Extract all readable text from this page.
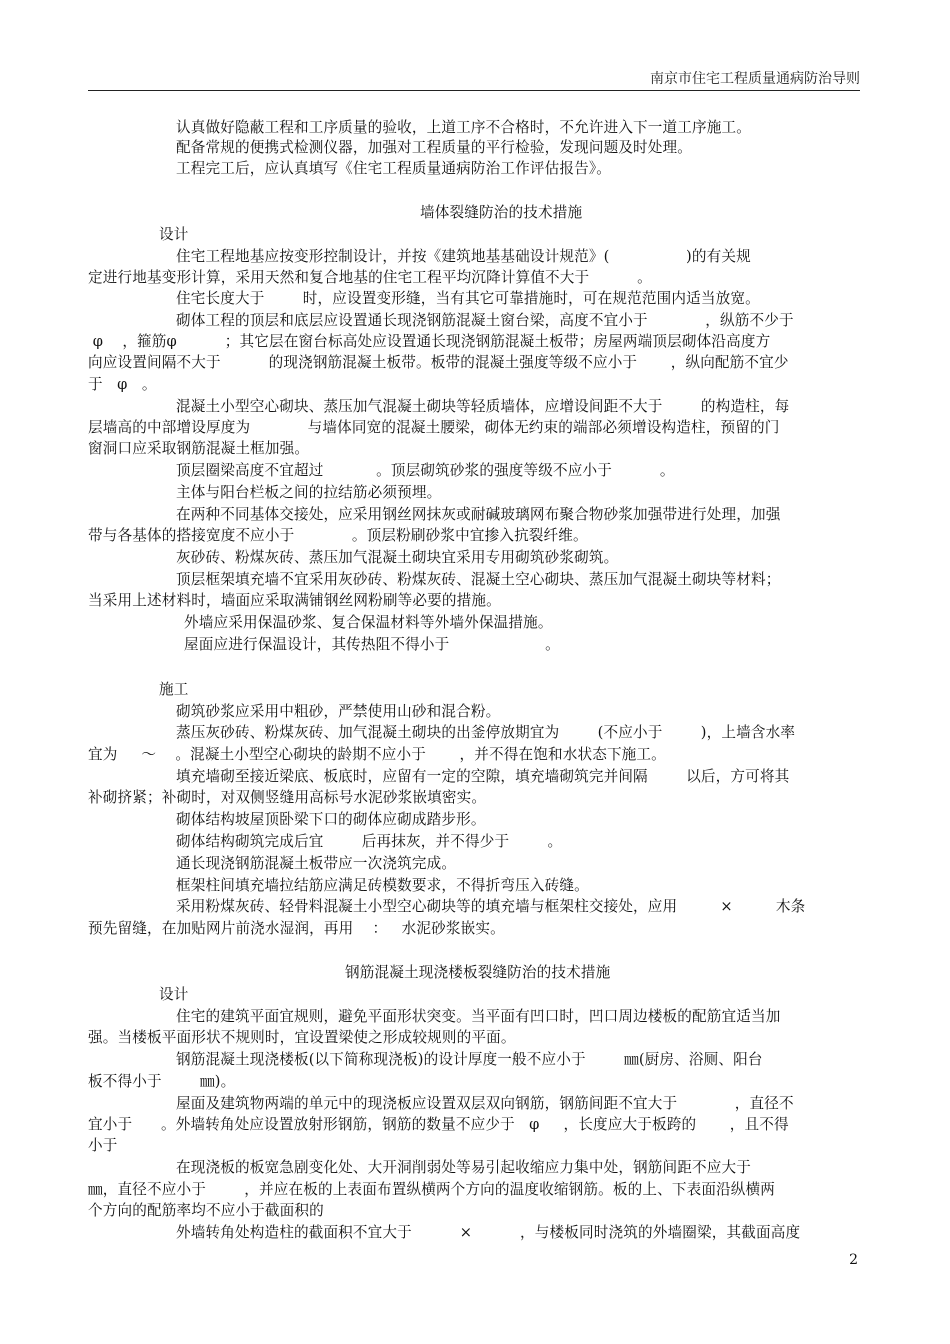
南京市住宅工程质量通病防治导则
认真做好隐蔽工程和工序质量的验收，上道工序不合格时，不允许进入下一道工序施工。
配备常规的便携式检测仪器，加强对工程质量的平行检验，发现问题及时处理。
工程完工后，应认真填写《住宅工程质量通病防治工作评估报告》。
墙体裂缝防治的技术措施
设计
住宅工程地基应按变形控制设计，并按《建筑地基基础设计规范》(                )的有关规
定进行地基变形计算，采用天然和复合地基的住宅工程平均沉降计算值不大于          。
住宅长度大于        时，应设置变形缝，当有其它可靠措施时，可在规范范围内适当放宽。
砌体工程的顶层和底层应设置通长现浇钢筋混凝土窗台梁，高度不宜小于            ，纵筋不少于
φ    ，箍筋φ          ；其它层在窗台标高处应设置通长现浇钢筋混凝土板带；房屋两端顶层砌体沿高度方
向应设置间隔不大于          的现浇钢筋混凝土板带。板带的混凝土强度等级不应小于       ，纵向配筋不宜少
于   φ   。
混凝土小型空心砌块、蒸压加气混凝土砌块等轻质墙体，应增设间距不大于        的构造柱，每
层墙高的中部增设厚度为            与墙体同宽的混凝土腰梁，砌体无约束的端部必须增设构造柱，预留的门
窗洞口应采取钢筋混凝土框加强。
顶层圈梁高度不宜超过           。顶层砌筑砂浆的强度等级不应小于          。
主体与阳台栏板之间的拉结筋必须预埋。
在两种不同基体交接处，应采用钢丝网抹灰或耐碱玻璃网布聚合物砂浆加强带进行处理，加强
带与各基体的搭接宽度不应小于            。顶层粉刷砂浆中宜掺入抗裂纤维。
灰砂砖、粉煤灰砖、蒸压加气混凝土砌块宜采用专用砌筑砂浆砌筑。
顶层框架填充墙不宜采用灰砂砖、粉煤灰砖、混凝土空心砌块、蒸压加气混凝土砌块等材料；
当采用上述材料时，墙面应采取满铺钢丝网粉刷等必要的措施。
外墙应采用保温砂浆、复合保温材料等外墙外保温措施。
屋面应进行保温设计，其传热阻不得小于                    。
施工
砌筑砂浆应采用中粗砂，严禁使用山砂和混合粉。
蒸压灰砂砖、粉煤灰砖、加气混凝土砌块的出釜停放期宜为        (不应小于        )，上墙含水率
宜为     ～    。混凝土小型空心砌块的龄期不应小于       ，并不得在饱和水状态下施工。
填充墙砌至接近梁底、板底时，应留有一定的空隙，填充墙砌筑完并间隔        以后，方可将其
补砌挤紧；补砌时，对双侧竖缝用高标号水泥砂浆嵌填密实。
砌体结构坡屋顶卧梁下口的砌体应砌成踏步形。
砌体结构砌筑完成后宜        后再抹灰，并不得少于        。
通长现浇钢筋混凝土板带应一次浇筑完成。
框架柱间填充墙拉结筋应满足砖模数要求，不得折弯压入砖缝。
采用粉煤灰砖、轻骨料混凝土小型空心砌块等的填充墙与框架柱交接处，应用         ×         木条
预先留缝，在加贴网片前浇水湿润，再用    ：   水泥砂浆嵌实。
钢筋混凝土现浇楼板裂缝防治的技术措施
设计
住宅的建筑平面宜规则，避免平面形状突变。当平面有凹口时，凹口周边楼板的配筋宜适当加
强。当楼板平面形状不规则时，宜设置梁使之形成较规则的平面。
钢筋混凝土现浇楼板(以下简称现浇板)的设计厚度一般不应小于        ㎜(厨房、浴厕、阳台
板不得小于        ㎜)。
屋面及建筑物两端的单元中的现浇板应设置双层双向钢筋，钢筋间距不宜大于            ，直径不
宜小于      。外墙转角处应设置放射形钢筋，钢筋的数量不应少于   φ     ，长度应大于板跨的       ，且不得
小于
在现浇板的板宽急剧变化处、大开洞削弱处等易引起收缩应力集中处，钢筋间距不应大于
㎜，直径不应小于        ，并应在板的上表面布置纵横两个方向的温度收缩钢筋。板的上、下表面沿纵横两
个方向的配筋率均不应小于截面积的
外墙转角处构造柱的截面积不宜大于          ×          ，与楼板同时浇筑的外墙圈梁，其截面高度
2
